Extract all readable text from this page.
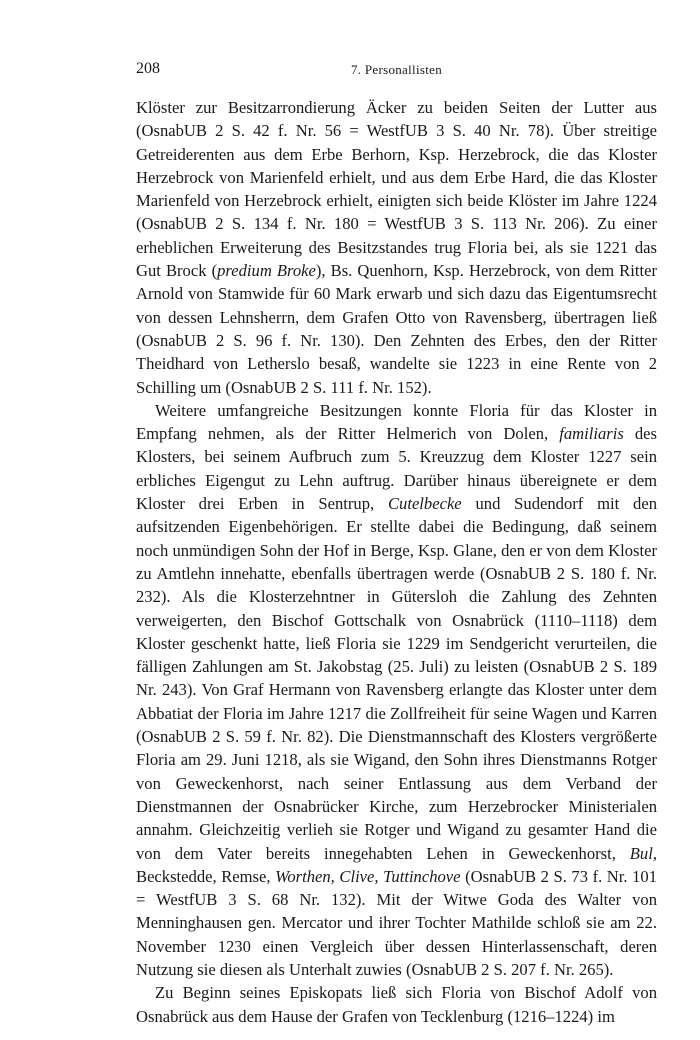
208	7. Personallisten

Klöster zur Besitzarrondierung Äcker zu beiden Seiten der Lutter aus (OsnabUB 2 S. 42 f. Nr. 56 = WestfUB 3 S. 40 Nr. 78). Über streitige Getreiderenten aus dem Erbe Berhorn, Ksp. Herzebrock, die das Kloster Herzebrock von Marienfeld erhielt, und aus dem Erbe Hard, die das Kloster Marienfeld von Herzebrock erhielt, einigten sich beide Klöster im Jahre 1224 (OsnabUB 2 S. 134 f. Nr. 180 = WestfUB 3 S. 113 Nr. 206). Zu einer erheblichen Erweiterung des Besitzstandes trug Floria bei, als sie 1221 das Gut Brock (predium Broke), Bs. Quenhorn, Ksp. Herzebrock, von dem Ritter Arnold von Stamwide für 60 Mark erwarb und sich dazu das Eigentumsrecht von dessen Lehnsherrn, dem Grafen Otto von Ravensberg, übertragen ließ (OsnabUB 2 S. 96 f. Nr. 130). Den Zehnten des Erbes, den der Ritter Theidhard von Letherslo besaß, wandelte sie 1223 in eine Rente von 2 Schilling um (OsnabUB 2 S. 111 f. Nr. 152).

Weitere umfangreiche Besitzungen konnte Floria für das Kloster in Empfang nehmen, als der Ritter Helmerich von Dolen, familiaris des Klosters, bei seinem Aufbruch zum 5. Kreuzzug dem Kloster 1227 sein erbliches Eigengut zu Lehn auftrug. Darüber hinaus übereignete er dem Kloster drei Erben in Sentrup, Cutelbecke und Sudendorf mit den aufsitzenden Eigenbehörigen. Er stellte dabei die Bedingung, daß seinem noch unmündigen Sohn der Hof in Berge, Ksp. Glane, den er von dem Kloster zu Amtlehn innehatte, ebenfalls übertragen werde (OsnabUB 2 S. 180 f. Nr. 232). Als die Klosterzehntner in Gütersloh die Zahlung des Zehnten verweigerten, den Bischof Gottschalk von Osnabrück (1110–1118) dem Kloster geschenkt hatte, ließ Floria sie 1229 im Sendgericht verurteilen, die fälligen Zahlungen am St. Jakobstag (25. Juli) zu leisten (OsnabUB 2 S. 189 Nr. 243). Von Graf Hermann von Ravensberg erlangte das Kloster unter dem Abbatiat der Floria im Jahre 1217 die Zollfreiheit für seine Wagen und Karren (OsnabUB 2 S. 59 f. Nr. 82). Die Dienstmannschaft des Klosters vergrößerte Floria am 29. Juni 1218, als sie Wigand, den Sohn ihres Dienstmanns Rotger von Geweckenhorst, nach seiner Entlassung aus dem Verband der Dienstmannen der Osnabrücker Kirche, zum Herzebrocker Ministerialen annahm. Gleichzeitig verlieh sie Rotger und Wigand zu gesamter Hand die von dem Vater bereits innegehabten Lehen in Geweckenhorst, Bul, Beckstedde, Remse, Worthen, Clive, Tuttinchove (OsnabUB 2 S. 73 f. Nr. 101 = WestfUB 3 S. 68 Nr. 132). Mit der Witwe Goda des Walter von Menninghausen gen. Mercator und ihrer Tochter Mathilde schloß sie am 22. November 1230 einen Vergleich über dessen Hinterlassenschaft, deren Nutzung sie diesen als Unterhalt zuwies (OsnabUB 2 S. 207 f. Nr. 265).

Zu Beginn seines Episkopats ließ sich Floria von Bischof Adolf von Osnabrück aus dem Hause der Grafen von Tecklenburg (1216–1224) im
